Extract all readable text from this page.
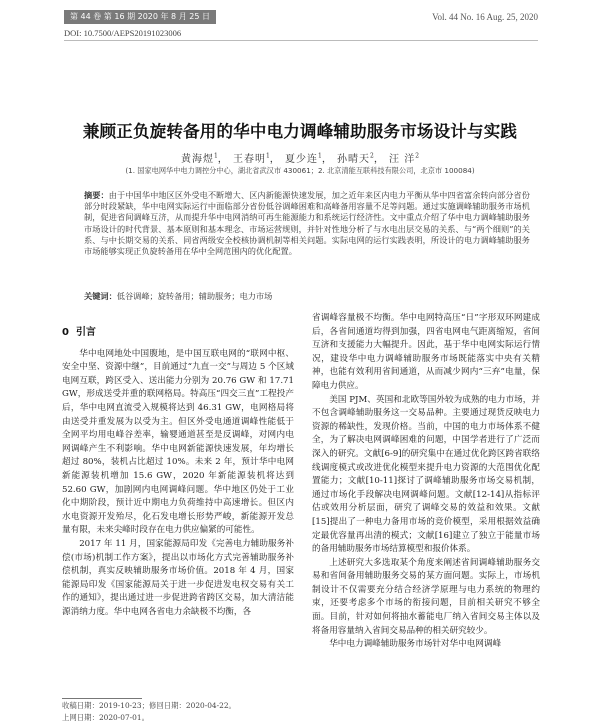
第 44 卷 第 16 期 2020 年 8 月 25 日
DOI: 10.7500/AEPS20191023006
Vol. 44 No. 16 Aug. 25, 2020
兼顾正负旋转备用的华中电力调峰辅助服务市场设计与实践
黄海煜$^1$， 王春明$^1$， 夏少连$^1$， 孙晴天$^2$， 汪 洋$^2$
(1. 国家电网华中电力调控分中心，湖北省武汉市 430061；2. 北京清能互联科技有限公司，北京市 100084)
摘要：由于中国华中地区区外受电不断增大、区内新能源快速发展，加之近年来区内电力平衡从华中四省富余转向部分省份部分时段紧缺，华中电网实际运行中面临部分省份低谷调峰困难和高峰备用容量不足等问题。通过实施调峰辅助服务市场机制，促进省间调峰互济，从而提升华中电网消纳可再生能源能力和系统运行经济性。文中重点介绍了华中电力调峰辅助服务市场设计的时代背景、基本原则和基本理念、市场运营规则，并针对性地分析了与水电出层交易的关系、与“两个细则”的关系、与中长期交易的关系、同省两级安全校核协调机制等相关问题。实际电网的运行实践表明，所设计的电力调峰辅助服务市场能够实现正负旋转备用在华中全网范围内的优化配置。
关键词：低谷调峰；旋转备用；辅助服务；电力市场

0 引言

华中电网地处中国腹地，是中国互联电网的“联网中枢、安全中坚、资源中继”，目前通过“九直一交”与周边 5 个区域电网互联，跨区受入、送出能力分别为 20.76 GW 和 17.71 GW，形成送受并重的联网格局。特高压“四交三直”工程投产后，华中电网直流受入规模将达到 46.31 GW，电网格局将由送受并重发展为以受为主。但区外受电通道调峰性能低于全网平均用电峰谷差率，输婴通道甚至是反调峰，对网内电网调峰产生不利影响。华中电网新能源快速发展，年均增长超过 80%，装机占比超过 10%。未来 2 年，预计华中电网新能源装机增加 15.6 GW，2020 年新能源装机将达到 52.60 GW，加剧网内电网调峰问题。华中地区仍处于工业化中期阶段，预计近中期电力负荷维持中高速增长。但区内水电资源开发殆尽，化石发电增长形势严峻，新能源开发总量有限，未来尖峰时段存在电力供应偏紧的可能性。

2017 年 11 月，国家能源局印发《完善电力辅助服务补偿(市场)机制工作方案》，提出以市场化方式完善辅助服务补偿机制，真实反映辅助服务市场价值。2018 年 4 月，国家能源局印发《国家能源局关于进一步促进发电权交易有关工作的通知》，提出通过进一步促进跨省跨区交易，加大清洁能源消纳力度。华中电网各省电力余缺极不均衡，各

省调峰容量极不均衡。华中电网特高压“日”字形双环网建成后，各省间通道均得到加强，四省电网电气距离缩短，省间互济和支援能力大幅提升。因此，基于华中电网实际运行情况，建设华中电力调峰辅助服务市场既能落实中央有关精神，也能有效利用省间通道，从而减少网内“三弃”电量，保障电力供应。

美国 PJM、英国和北欧等国外较为成熟的电力市场，并不包含调峰辅助服务这一交易品种。主要通过现货反映电力资源的稀缺性，发现价格。当前，中国的电力市场体系不健全，为了解决电网调峰困难的问题，中国学者进行了广泛而深入的研究。文献[6-9]的研究集中在通过优化跨区跨省联络线调度模式或改进优化模型来提升电力资源的大范围优化配置能力；文献[10-11]探讨了调峰辅助服务市场交易机制，通过市场化手段解决电网调峰问题。文献[12-14]从指标评估或效用分析层面，研究了调峰交易的效益和效果。文献[15]提出了一种电力备用市场的竞价模型，采用根据效益确定最优容量再出清的模式；文献[16]建立了独立于能量市场的备用辅助服务市场结算模型和报价体系。

上述研究大多选取某个角度来阐述省间调峰辅助服务交易和省间备用辅助服务交易的某方面问题。实际上，市场机制设计不仅需要充分结合经济学原理与电力系统的物理约束，还要考虑多个市场的衔接问题，目前相关研究不够全面。目前，针对如何将抽水蓄能电厂纳入省间交易主体以及将备用容量纳入省间交易品种的相关研究较少。

华中电力调峰辅助服务市场针对华中电网调峰

收稿日期：2019-10-23；修回日期：2020-04-22。
上网日期：2020-07-01。
